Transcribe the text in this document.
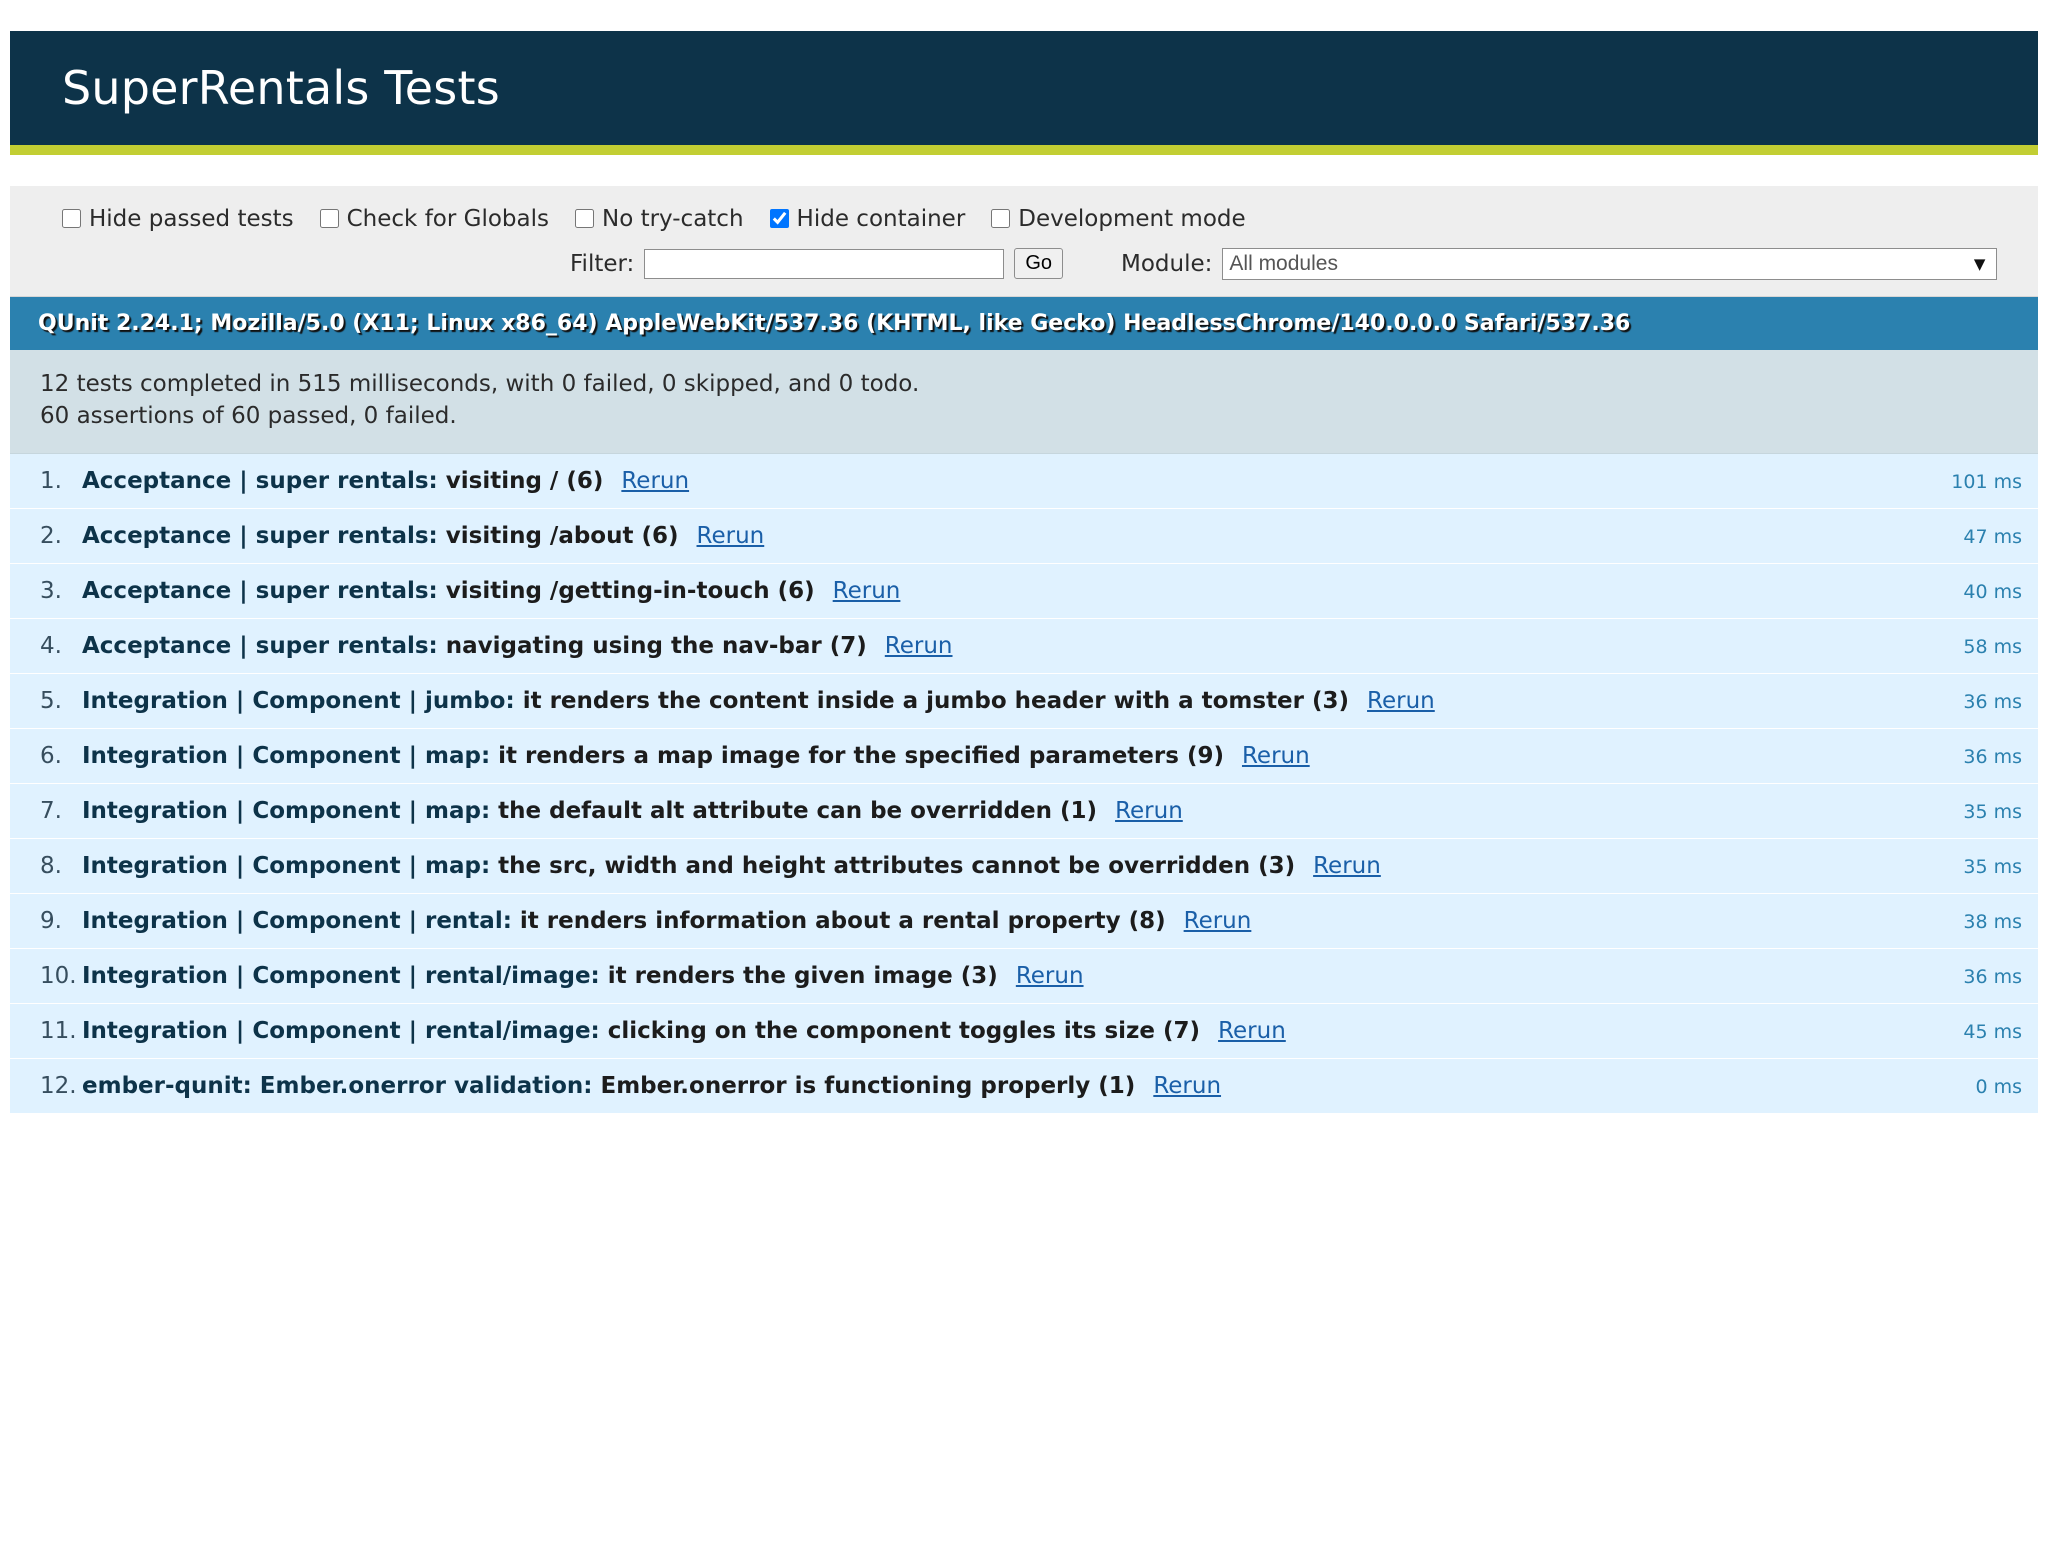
SuperRentals Tests
Hide passed tests Check for Globals No try-catch Hide container Development mode
Filter:	Go	Module:
All modules	▼
QUnit 2.24.1; Mozilla/5.0 (X11; Linux x86_64) AppleWebKit/537.36 (KHTML, like Gecko) HeadlessChrome/140.0.0.0 Safari/537.36
12 tests completed in 515 milliseconds, with 0 failed, 0 skipped, and 0 todo.
60 assertions of 60 passed, 0 failed.
1. Acceptance | super rentals: visiting / (6) Rerun	101 ms
2. Acceptance | super rentals: visiting /about (6) Rerun	47 ms
3. Acceptance | super rentals: visiting /getting-in-touch (6) Rerun	40 ms
4. Acceptance | super rentals: navigating using the nav-bar (7) Rerun	58 ms
5. Integration | Component | jumbo: it renders the content inside a jumbo header with a tomster (3) Rerun	36 ms
6. Integration | Component | map: it renders a map image for the specified parameters (9) Rerun	36 ms
7. Integration | Component | map: the default alt attribute can be overridden (1) Rerun	35 ms
8. Integration | Component | map: the src, width and height attributes cannot be overridden (3) Rerun	35 ms
9. Integration | Component | rental: it renders information about a rental property (8) Rerun	38 ms
10. Integration | Component | rental/image: it renders the given image (3) Rerun	36 ms
11. Integration | Component | rental/image: clicking on the component toggles its size (7) Rerun	45 ms
12. ember-qunit: Ember.onerror validation: Ember.onerror is functioning properly (1) Rerun	0 ms
